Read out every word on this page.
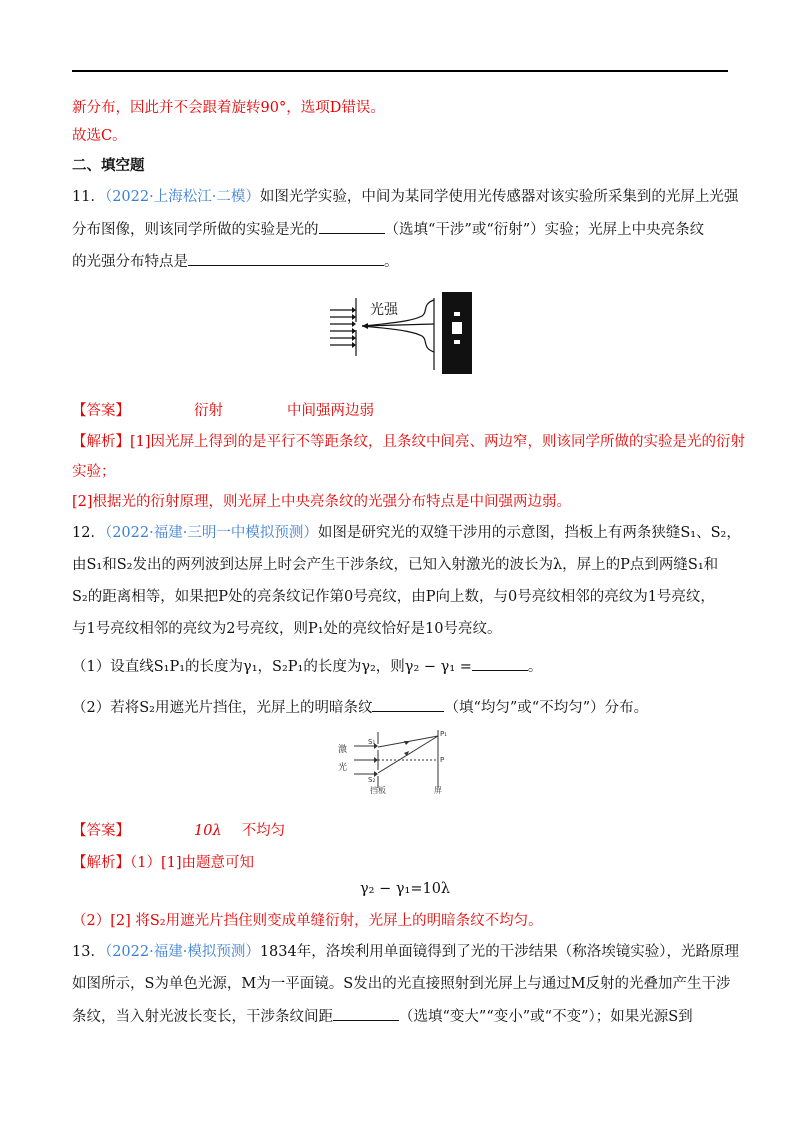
新分布，因此并不会跟着旋转90°，选项D错误。
故选C。
二、填空题
11．（2022·上海松江·二模）如图光学实验，中间为某同学使用光传感器对该实验所采集到的光屏上光强
分布图像，则该同学所做的实验是光的	（选填“干涉”或“衍射”）实验；光屏上中央亮条纹
的光强分布特点是	。
光强
【答案】	衍射	中间强两边弱
【解析】[1]因光屏上得到的是平行不等距条纹，且条纹中间亮、两边窄，则该同学所做的实验是光的衍射
实验；
[2]根据光的衍射原理，则光屏上中央亮条纹的光强分布特点是中间强两边弱。
12．（2022·福建·三明一中模拟预测）如图是研究光的双缝干涉用的示意图，挡板上有两条狭缝S₁、S₂，
由S₁和S₂发出的两列波到达屏上时会产生干涉条纹，已知入射激光的波长为λ，屏上的P点到两缝S₁和
S₂的距离相等，如果把P处的亮条纹记作第0号亮纹，由P向上数，与0号亮纹相邻的亮纹为1号亮纹，
与1号亮纹相邻的亮纹为2号亮纹，则P₁处的亮纹恰好是10号亮纹。
（1）设直线S₁P₁的长度为γ₁，S₂P₁的长度为γ₂，则γ₂ − γ₁ =	。
（2）若将S₂用遮光片挡住，光屏上的明暗条纹	（填“均匀”或“不均匀”）分布。
激
光
S₁
S₂
P₁
P
挡板	屏
【答案】	10λ 不均匀
【解析】（1）[1]由题意可知
γ₂ − γ₁=10λ
（2）[2] 将S₂用遮光片挡住则变成单缝衍射，光屏上的明暗条纹不均匀。
13．（2022·福建·模拟预测）1834年，洛埃利用单面镜得到了光的干涉结果（称洛埃镜实验），光路原理
如图所示，S为单色光源，M为一平面镜。S发出的光直接照射到光屏上与通过M反射的光叠加产生干涉
条纹，当入射光波长变长，干涉条纹间距	（选填“变大”“变小”或“不变”）；如果光源S到
